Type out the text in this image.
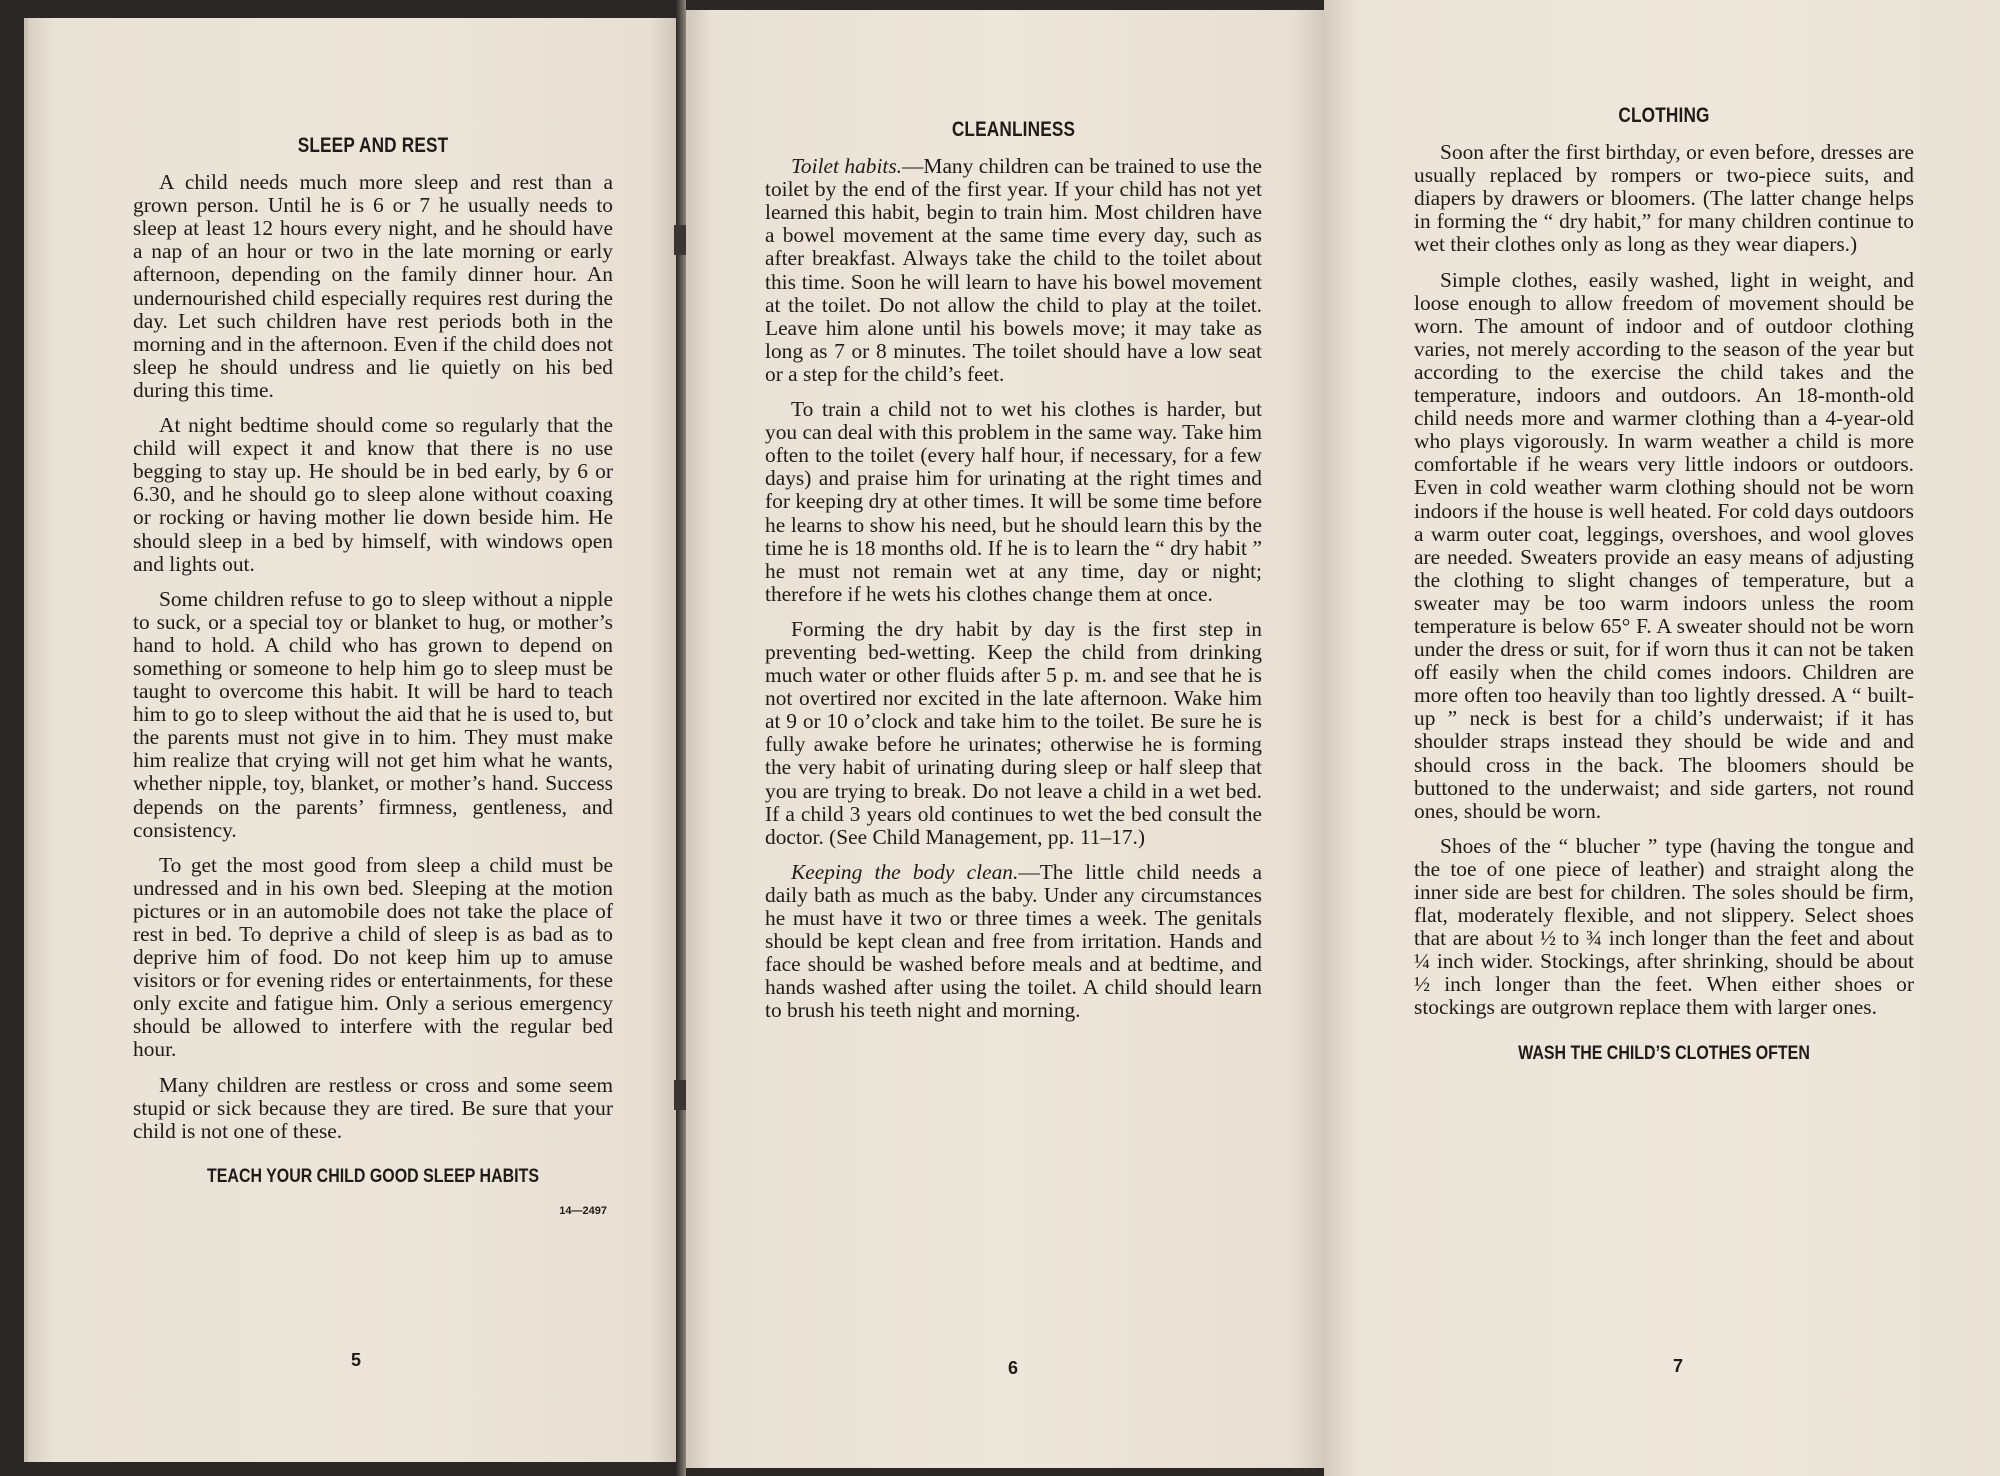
SLEEP AND REST

A child needs much more sleep and rest than a grown person. Until he is 6 or 7 he usually needs to sleep at least 12 hours every night, and he should have a nap of an hour or two in the late morning or early afternoon, depending on the family dinner hour. An undernourished child especially requires rest during the day. Let such children have rest periods both in the morning and in the afternoon. Even if the child does not sleep he should undress and lie quietly on his bed during this time.

At night bedtime should come so regularly that the child will expect it and know that there is no use begging to stay up. He should be in bed early, by 6 or 6.30, and he should go to sleep alone without coaxing or rocking or having mother lie down beside him. He should sleep in a bed by himself, with windows open and lights out.

Some children refuse to go to sleep without a nipple to suck, or a special toy or blanket to hug, or mother’s hand to hold. A child who has grown to depend on something or someone to help him go to sleep must be taught to overcome this habit. It will be hard to teach him to go to sleep without the aid that he is used to, but the parents must not give in to him. They must make him realize that crying will not get him what he wants, whether nipple, toy, blanket, or mother’s hand. Success depends on the parents’ firmness, gentleness, and consistency.

To get the most good from sleep a child must be undressed and in his own bed. Sleeping at the motion pictures or in an automobile does not take the place of rest in bed. To deprive a child of sleep is as bad as to deprive him of food. Do not keep him up to amuse visitors or for evening rides or entertainments, for these only excite and fatigue him. Only a serious emergency should be allowed to interfere with the regular bed hour.

Many children are restless or cross and some seem stupid or sick because they are tired. Be sure that your child is not one of these.

TEACH YOUR CHILD GOOD SLEEP HABITS
14—2497
5
CLEANLINESS

Toilet habits.—Many children can be trained to use the toilet by the end of the first year. If your child has not yet learned this habit, begin to train him. Most children have a bowel movement at the same time every day, such as after breakfast. Always take the child to the toilet about this time. Soon he will learn to have his bowel movement at the toilet. Do not allow the child to play at the toilet. Leave him alone until his bowels move; it may take as long as 7 or 8 minutes. The toilet should have a low seat or a step for the child’s feet.

To train a child not to wet his clothes is harder, but you can deal with this problem in the same way. Take him often to the toilet (every half hour, if necessary, for a few days) and praise him for urinating at the right times and for keeping dry at other times. It will be some time before he learns to show his need, but he should learn this by the time he is 18 months old. If he is to learn the “ dry habit ” he must not remain wet at any time, day or night; therefore if he wets his clothes change them at once.

Forming the dry habit by day is the first step in preventing bed-wetting. Keep the child from drinking much water or other fluids after 5 p. m. and see that he is not overtired nor excited in the late afternoon. Wake him at 9 or 10 o’clock and take him to the toilet. Be sure he is fully awake before he urinates; otherwise he is forming the very habit of urinating during sleep or half sleep that you are trying to break. Do not leave a child in a wet bed. If a child 3 years old continues to wet the bed consult the doctor. (See Child Management, pp. 11–17.)

Keeping the body clean.—The little child needs a daily bath as much as the baby. Under any circumstances he must have it two or three times a week. The genitals should be kept clean and free from irritation. Hands and face should be washed before meals and at bedtime, and hands washed after using the toilet. A child should learn to brush his teeth night and morning.

6
CLOTHING

Soon after the first birthday, or even before, dresses are usually replaced by rompers or two-piece suits, and diapers by drawers or bloomers. (The latter change helps in forming the “ dry habit,” for many children continue to wet their clothes only as long as they wear diapers.)

Simple clothes, easily washed, light in weight, and loose enough to allow freedom of movement should be worn. The amount of indoor and of outdoor clothing varies, not merely according to the season of the year but according to the exercise the child takes and the temperature, indoors and outdoors. An 18-month-old child needs more and warmer clothing than a 4-year-old who plays vigorously. In warm weather a child is more comfortable if he wears very little indoors or outdoors. Even in cold weather warm clothing should not be worn indoors if the house is well heated. For cold days outdoors a warm outer coat, leggings, overshoes, and wool gloves are needed. Sweaters provide an easy means of adjusting the clothing to slight changes of temperature, but a sweater may be too warm indoors unless the room temperature is below 65° F. A sweater should not be worn under the dress or suit, for if worn thus it can not be taken off easily when the child comes indoors. Children are more often too heavily than too lightly dressed. A “ built-up ” neck is best for a child’s underwaist; if it has shoulder straps instead they should be wide and and should cross in the back. The bloomers should be buttoned to the underwaist; and side garters, not round ones, should be worn.

Shoes of the “ blucher ” type (having the tongue and the toe of one piece of leather) and straight along the inner side are best for children. The soles should be firm, flat, moderately flexible, and not slippery. Select shoes that are about ½ to ¾ inch longer than the feet and about ¼ inch wider. Stockings, after shrinking, should be about ½ inch longer than the feet. When either shoes or stockings are outgrown replace them with larger ones.

WASH THE CHILD’S CLOTHES OFTEN
7
